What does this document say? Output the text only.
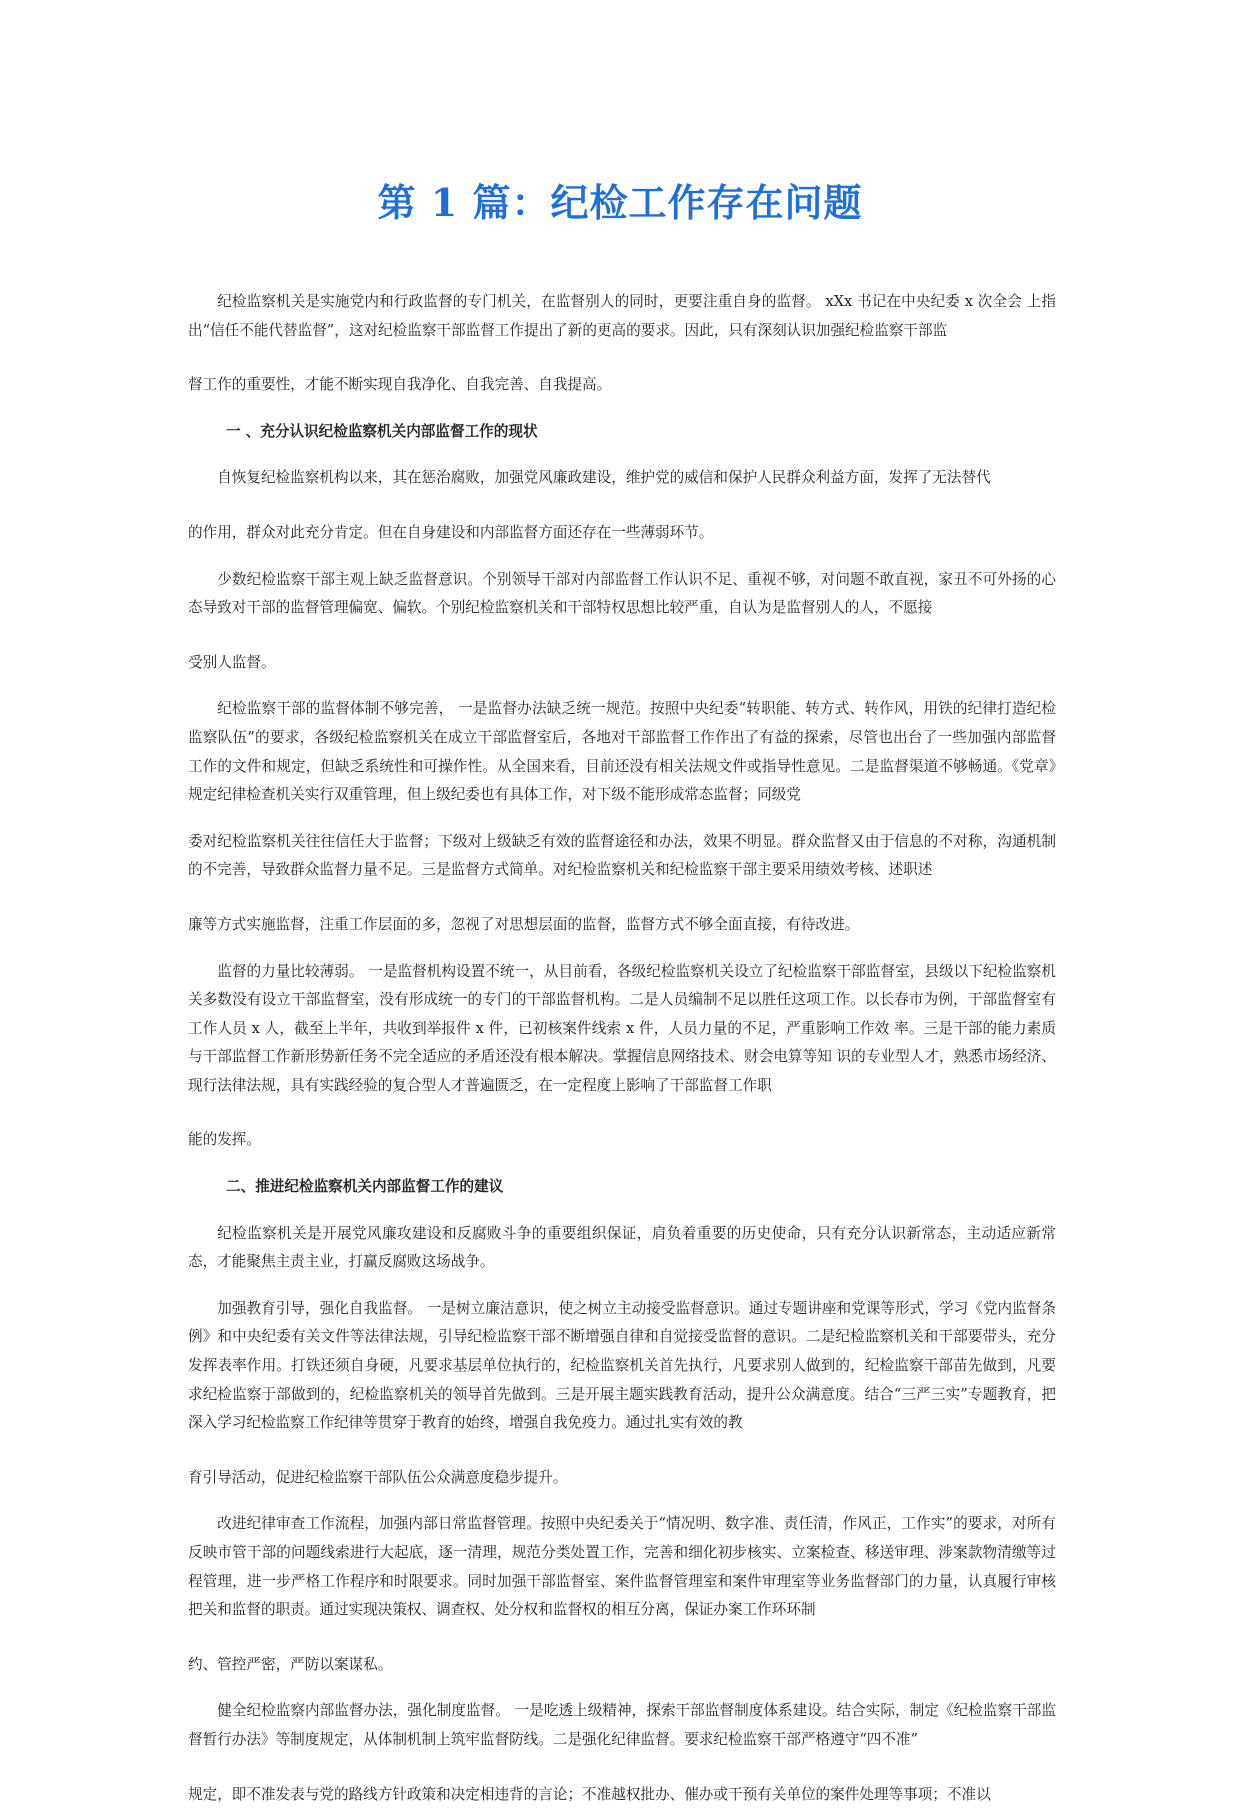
第 1 篇：纪检工作存在问题

纪检监察机关是实施党内和行政监督的专门机关，在监督别人的同时，更要注重自身的监督。 xXx 书记在中央纪委 x 次全会 上指出“信任不能代替监督”，这对纪检监察干部监督工作提出了新的更高的要求。因此，只有深刻认识加强纪检监察干部监

督工作的重要性，才能不断实现自我净化、自我完善、自我提高。

一 、充分认识纪检监察机关内部监督工作的现状

自恢复纪检监察机构以来，其在惩治腐败，加强党风廉政建设，维护党的威信和保护人民群众利益方面，发挥了无法替代

的作用，群众对此充分肯定。但在自身建设和内部监督方面还存在一些薄弱环节。

少数纪检监察干部主观上缺乏监督意识。个别领导干部对内部监督工作认识不足、重视不够，对问题不敢直视，家丑不可外扬的心态导致对干部的监督管理偏宽、偏软。个别纪检监察机关和干部特权思想比较严重，自认为是监督别人的人，不愿接

受别人监督。

纪检监察干部的监督体制不够完善， 一是监督办法缺乏统一规范。按照中央纪委“转职能、转方式、转作风，用铁的纪律打造纪检监察队伍”的要求，各级纪检监察机关在成立干部监督室后，各地对干部监督工作作出了有益的探索，尽管也出台了一些加强内部监督工作的文件和规定，但缺乏系统性和可操作性。从全国来看，目前还没有相关法规文件或指导性意见。二是监督渠道不够畅通。《党章》规定纪律检查机关实行双重管理，但上级纪委也有具体工作，对下级不能形成常态监督；同级党

委对纪检监察机关往往信任大于监督；下级对上级缺乏有效的监督途径和办法，效果不明显。群众监督又由于信息的不对称，沟通机制的不完善，导致群众监督力量不足。三是监督方式简单。对纪检监察机关和纪检监察干部主要采用绩效考核、述职述

廉等方式实施监督，注重工作层面的多，忽视了对思想层面的监督，监督方式不够全面直接，有待改进。

监督的力量比较薄弱。 一是监督机构设置不统一，从目前看，各级纪检监察机关设立了纪检监察干部监督室，县级以下纪检监察机关多数没有设立干部监督室，没有形成统一的专门的干部监督机构。二是人员编制不足以胜任这项工作。以长春市为例，干部监督室有工作人员 x 人，截至上半年，共收到举报件 x 件，已初核案件线索 x 件，人员力量的不足，严重影响工作效 率。三是干部的能力素质与干部监督工作新形势新任务不完全适应的矛盾还没有根本解决。掌握信息网络技术、财会电算等知 识的专业型人才，熟悉市场经济、现行法律法规，具有实践经验的复合型人才普遍匮乏，在一定程度上影响了干部监督工作职

能的发挥。

二、推进纪检监察机关内部监督工作的建议

纪检监察机关是开展党风廉攻建设和反腐败斗争的重要组织保证，肩负着重要的历史使命，只有充分认识新常态，主动适应新常态，才能聚焦主责主业，打赢反腐败这场战争。

加强教育引导，强化自我监督。 一是树立廉洁意识，使之树立主动接受监督意识。通过专题讲座和党课等形式，学习《党内监督条例》和中央纪委有关文件等法律法规，引导纪检监察干部不断增强自律和自觉接受监督的意识。二是纪检监察机关和干部要带头，充分发挥表率作用。打铁还须自身硬，凡要求基层单位执行的，纪检监察机关首先执行，凡要求别人做到的，纪检监察干部苗先做到，凡要求纪检监察于部做到的，纪检监察机关的领导首先做到。三是开展主题实践教育活动，提升公众满意度。结合“三严三实”专题教育，把深入学习纪检监察工作纪律等贯穿于教育的始终，增强自我免疫力。通过扎实有效的教

育引导活动，促进纪检监察干部队伍公众满意度稳步提升。

改进纪律审查工作流程，加强内部日常监督管理。按照中央纪委关于“情况明、数字准、责任清，作风正，工作实”的要求，对所有反映市管干部的问题线索进行大起底，逐一清理，规范分类处置工作，完善和细化初步核实、立案检查、移送审理、涉案款物清缴等过程管理，进一步严格工作程序和时限要求。同时加强干部监督室、案件监督管理室和案件审理室等业务监督部门的力量，认真履行审核把关和监督的职责。通过实现决策权、调查权、处分权和监督权的相互分离，保证办案工作环环制

约、管控严密，严防以案谋私。

健全纪检监察内部监督办法，强化制度监督。 一是吃透上级精神，探索干部监督制度体系建设。结合实际，制定《纪检监察干部监督暂行办法》等制度规定，从体制机制上筑牢监督防线。二是强化纪律监督。要求纪检监察干部严格遵守“四不准”

规定，即不准发表与党的路线方针政策和决定相违背的言论；不准越权批办、催办或干预有关单位的案件处理等事项；不准以
